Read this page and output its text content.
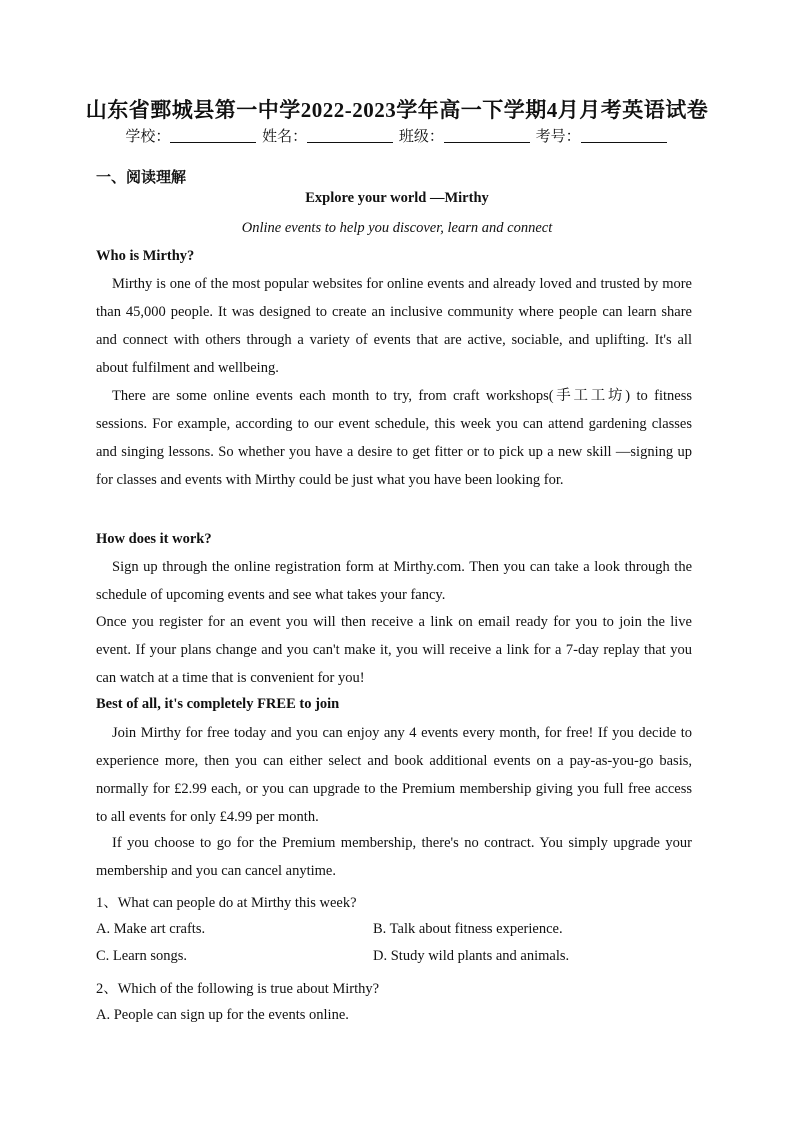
山东省鄄城县第一中学2022-2023学年高一下学期4月月考英语试卷
学校：	姓名：	班级：	考号：
一、阅读理解
Explore your world —Mirthy
Online events to help you discover, learn and connect
Who is Mirthy?
Mirthy is one of the most popular websites for online events and already loved and trusted by more than 45,000 people. It was designed to create an inclusive community where people can learn share and connect with others through a variety of events that are active, sociable, and uplifting. It's all about fulfilment and wellbeing.
There are some online events each month to try, from craft workshops(手工工坊) to fitness sessions. For example, according to our event schedule, this week you can attend gardening classes and singing lessons. So whether you have a desire to get fitter or to pick up a new skill —signing up for classes and events with Mirthy could be just what you have been looking for.
How does it work?
Sign up through the online registration form at Mirthy.com. Then you can take a look through the schedule of upcoming events and see what takes your fancy.
Once you register for an event you will then receive a link on email ready for you to join the live event. If your plans change and you can't make it, you will receive a link for a 7-day replay that you can watch at a time that is convenient for you!
Best of all, it's completely FREE to join
Join Mirthy for free today and you can enjoy any 4 events every month, for free! If you decide to experience more, then you can either select and book additional events on a pay-as-you-go basis, normally for £2.99 each, or you can upgrade to the Premium membership giving you full free access to all events for only £4.99 per month.
If you choose to go for the Premium membership, there's no contract. You simply upgrade your membership and you can cancel anytime.
1、What can people do at Mirthy this week?
A. Make art crafts.	B. Talk about fitness experience.
C. Learn songs.	D. Study wild plants and animals.
2、Which of the following is true about Mirthy?
A. People can sign up for the events online.
